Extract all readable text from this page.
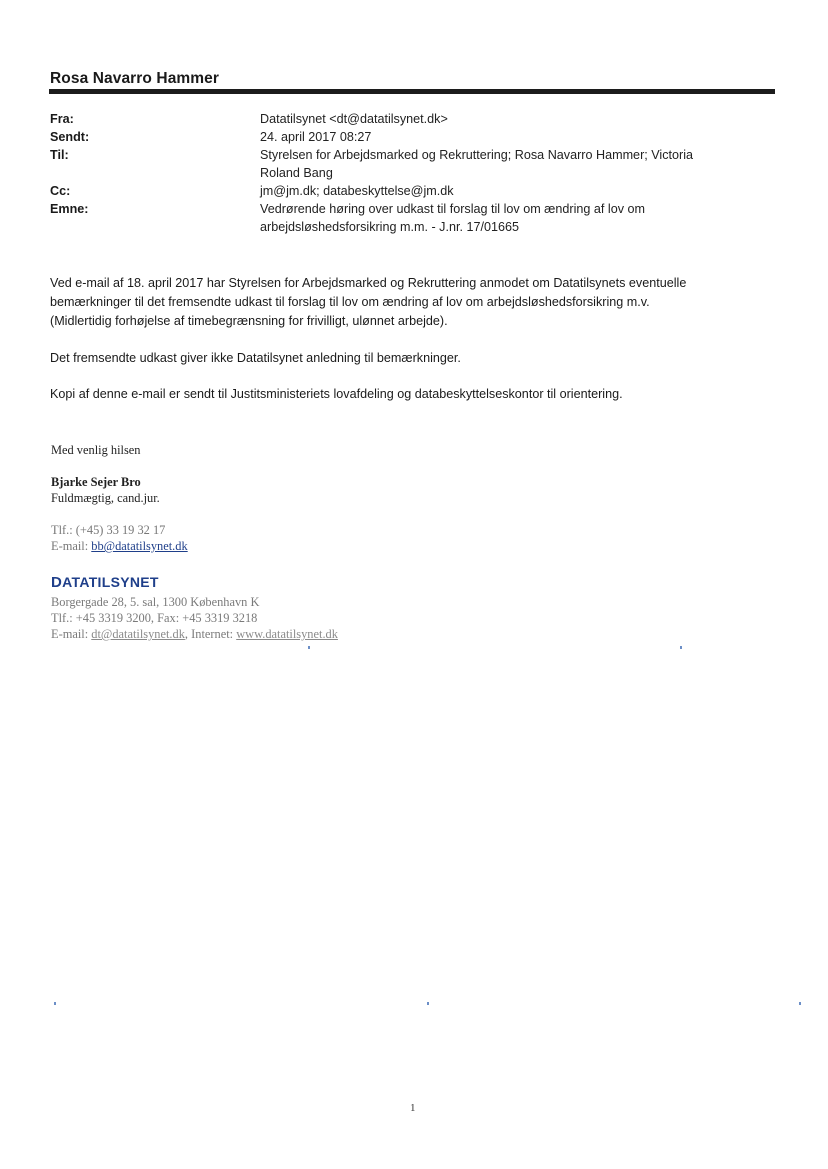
Rosa Navarro Hammer
Fra:	Datatilsynet <dt@datatilsynet.dk>
Sendt:	24. april 2017 08:27
Til:	Styrelsen for Arbejdsmarked og Rekruttering; Rosa Navarro Hammer; Victoria
Roland Bang
Cc:	jm@jm.dk; databeskyttelse@jm.dk
Emne:	Vedrørende høring over udkast til forslag til lov om ændring af lov om
arbejdsløshedsforsikring m.m. - J.nr. 17/01665

Ved e-mail af 18. april 2017 har Styrelsen for Arbejdsmarked og Rekruttering anmodet om Datatilsynets eventuelle
bemærkninger til det fremsendte udkast til forslag til lov om ændring af lov om arbejdsløshedsforsikring m.v.
(Midlertidig forhøjelse af timebegrænsning for frivilligt, ulønnet arbejde).

Det fremsendte udkast giver ikke Datatilsynet anledning til bemærkninger.

Kopi af denne e-mail er sendt til Justitsministeriets lovafdeling og databeskyttelseskontor til orientering.

Med venlig hilsen

Bjarke Sejer Bro

Fuldmægtig, cand.jur.

Tlf.: (+45) 33 19 32 17

E-mail: bb@datatilsynet.dk

DATATILSYNET

Borgergade 28, 5. sal, 1300 København K

Tlf.: +45 3319 3200, Fax: +45 3319 3218

E-mail: dt@datatilsynet.dk, Internet: www.datatilsynet.dk

1
